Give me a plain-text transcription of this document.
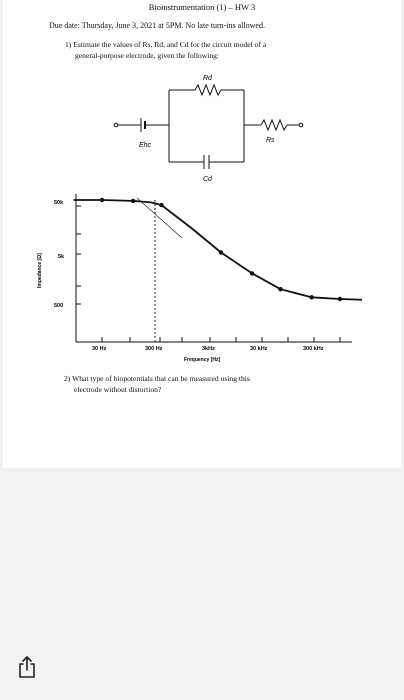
Bioinstrumentation (1) – HW 3
Due date: Thursday, June 3, 2021 at 5PM. No late turn-ins allowed.
1) Estimate the values of Rs, Rd, and Cd for the circuit model of a
general-purpose electrode, given the following:
Rd
Rs
Ehc
Cd
50k
5k
500
30 Hz	300 Hz	3kHz	30 kHz	300 kHz
Frequency [Hz]
Impedance [Ω]
2) What type of biopotentials that can be measured using this
electrode without distortion?
